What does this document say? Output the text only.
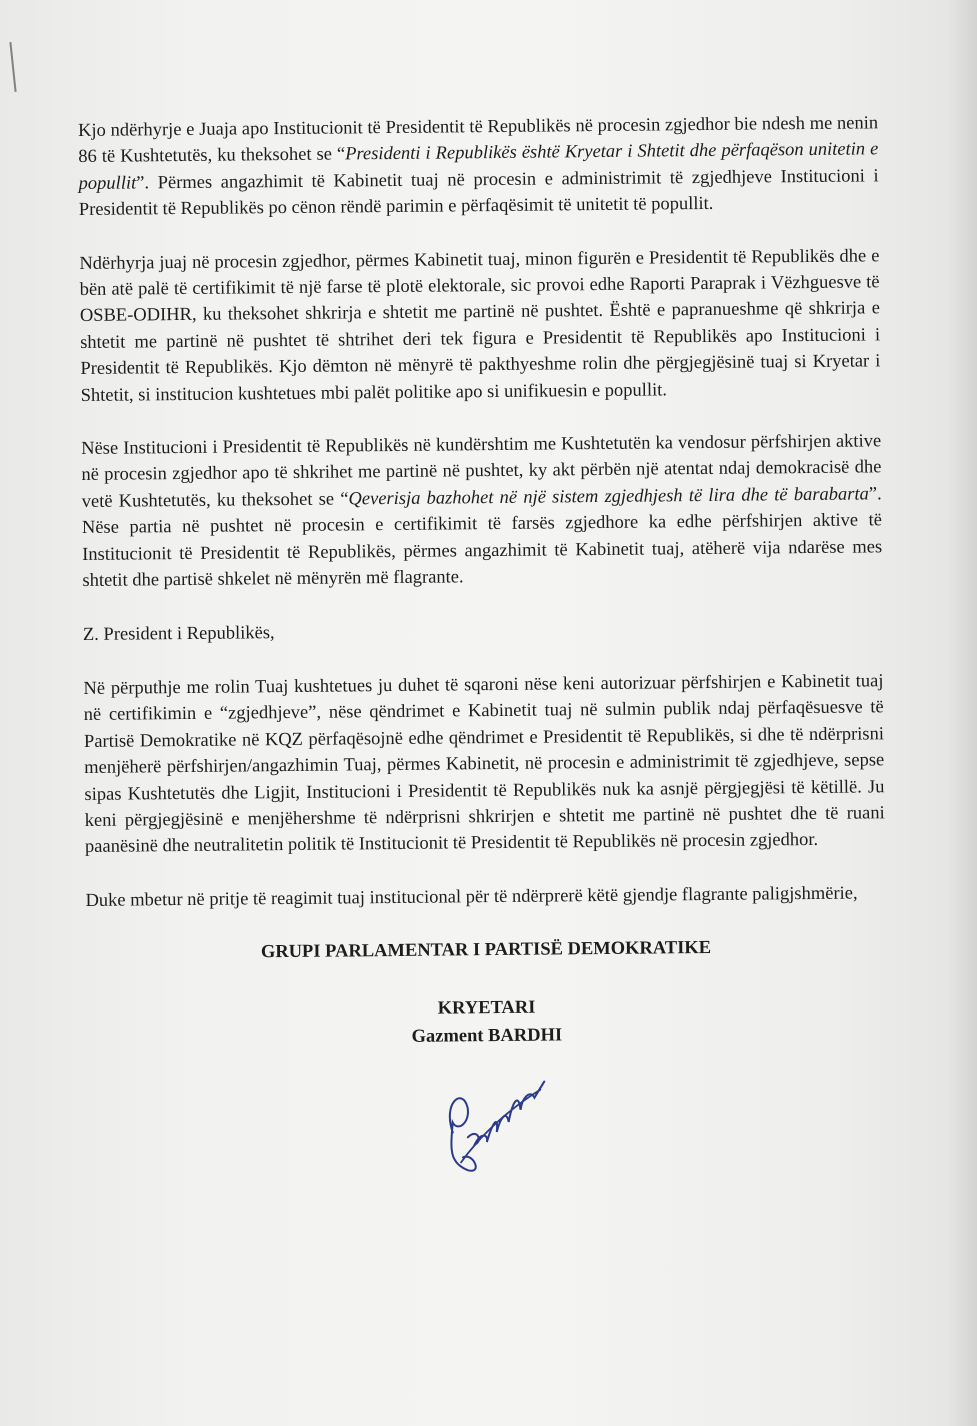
Kjo ndërhyrje e Juaja apo Institucionit të Presidentit të Republikës në procesin zgjedhor bie ndesh me nenin 86 të Kushtetutës, ku theksohet se “Presidenti i Republikës është Kryetar i Shtetit dhe përfaqëson unitetin e popullit”. Përmes angazhimit të Kabinetit tuaj në procesin e administrimit të zgjedhjeve Institucioni i Presidentit të Republikës po cënon rëndë parimin e përfaqësimit të unitetit të popullit.

Ndërhyrja juaj në procesin zgjedhor, përmes Kabinetit tuaj, minon figurën e Presidentit të Republikës dhe e bën atë palë të certifikimit të një farse të plotë elektorale, sic provoi edhe Raporti Paraprak i Vëzhguesve të OSBE-ODIHR, ku theksohet shkrirja e shtetit me partinë në pushtet. Është e papranueshme që shkrirja e shtetit me partinë në pushtet të shtrihet deri tek figura e Presidentit të Republikës apo Institucioni i Presidentit të Republikës. Kjo dëmton në mënyrë të pakthyeshme rolin dhe përgjegjësinë tuaj si Kryetar i Shtetit, si institucion kushtetues mbi palët politike apo si unifikuesin e popullit.

Nëse Institucioni i Presidentit të Republikës në kundërshtim me Kushtetutën ka vendosur përfshirjen aktive në procesin zgjedhor apo të shkrihet me partinë në pushtet, ky akt përbën një atentat ndaj demokracisë dhe vetë Kushtetutës, ku theksohet se “Qeverisja bazhohet në një sistem zgjedhjesh të lira dhe të barabarta”. Nëse partia në pushtet në procesin e certifikimit të farsës zgjedhore ka edhe përfshirjen aktive të Institucionit të Presidentit të Republikës, përmes angazhimit të Kabinetit tuaj, atëherë vija ndarëse mes shtetit dhe partisë shkelet në mënyrën më flagrante.

Z. President i Republikës,

Në përputhje me rolin Tuaj kushtetues ju duhet të sqaroni nëse keni autorizuar përfshirjen e Kabinetit tuaj në certifikimin e “zgjedhjeve”, nëse qëndrimet e Kabinetit tuaj në sulmin publik ndaj përfaqësuesve të Partisë Demokratike në KQZ përfaqësojnë edhe qëndrimet e Presidentit të Republikës, si dhe të ndërprisni menjëherë përfshirjen/angazhimin Tuaj, përmes Kabinetit, në procesin e administrimit të zgjedhjeve, sepse sipas Kushtetutës dhe Ligjit, Institucioni i Presidentit të Republikës nuk ka asnjë përgjegjësi të këtillë. Ju keni përgjegjësinë e menjëhershme të ndërprisni shkrirjen e shtetit me partinë në pushtet dhe të ruani paanësinë dhe neutralitetin politik të Institucionit të Presidentit të Republikës në procesin zgjedhor.

Duke mbetur në pritje të reagimit tuaj institucional për të ndërprerë këtë gjendje flagrante paligjshmërie,

GRUPI PARLAMENTAR I PARTISË DEMOKRATIKE

KRYETARI

Gazment BARDHI
